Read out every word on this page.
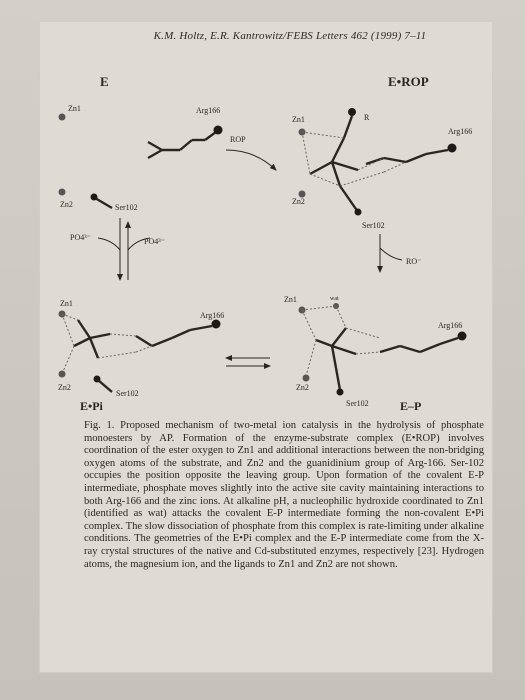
K.M. Holtz, E.R. Kantrowitz/FEBS Letters 462 (1999) 7–11
E
Zn1	Arg166
Zn2	Ser102
ROP
E•ROP
Zn1	R
Arg166
Zn2
Ser102
RO⁻
PO4³⁻	PO4³⁻
Zn1
Arg166
Zn2
Ser102
E•Pi
Zn1	wat
Arg166
Zn2
Ser102	E–P
Fig. 1. Proposed mechanism of two-metal ion catalysis in the hydrolysis of phosphate monoesters by AP. Formation of the enzyme-substrate complex (E•ROP) involves coordination of the ester oxygen to Zn1 and additional interactions between the non-bridging oxygen atoms of the substrate, and Zn2 and the guanidinium group of Arg-166. Ser-102 occupies the position opposite the leaving group. Upon formation of the covalent E-P intermediate, phosphate moves slightly into the active site cavity maintaining interactions to both Arg-166 and the zinc ions. At alkaline pH, a nucleophilic hydroxide coordinated to Zn1 (identified as wat) attacks the covalent E-P intermediate forming the non-covalent E•Pi complex. The slow dissociation of phosphate from this complex is rate-limiting under alkaline conditions. The geometries of the E•Pi complex and the E-P intermediate come from the X-ray crystal structures of the native and Cd-substituted enzymes, respectively [23]. Hydrogen atoms, the magnesium ion, and the ligands to Zn1 and Zn2 are not shown.
